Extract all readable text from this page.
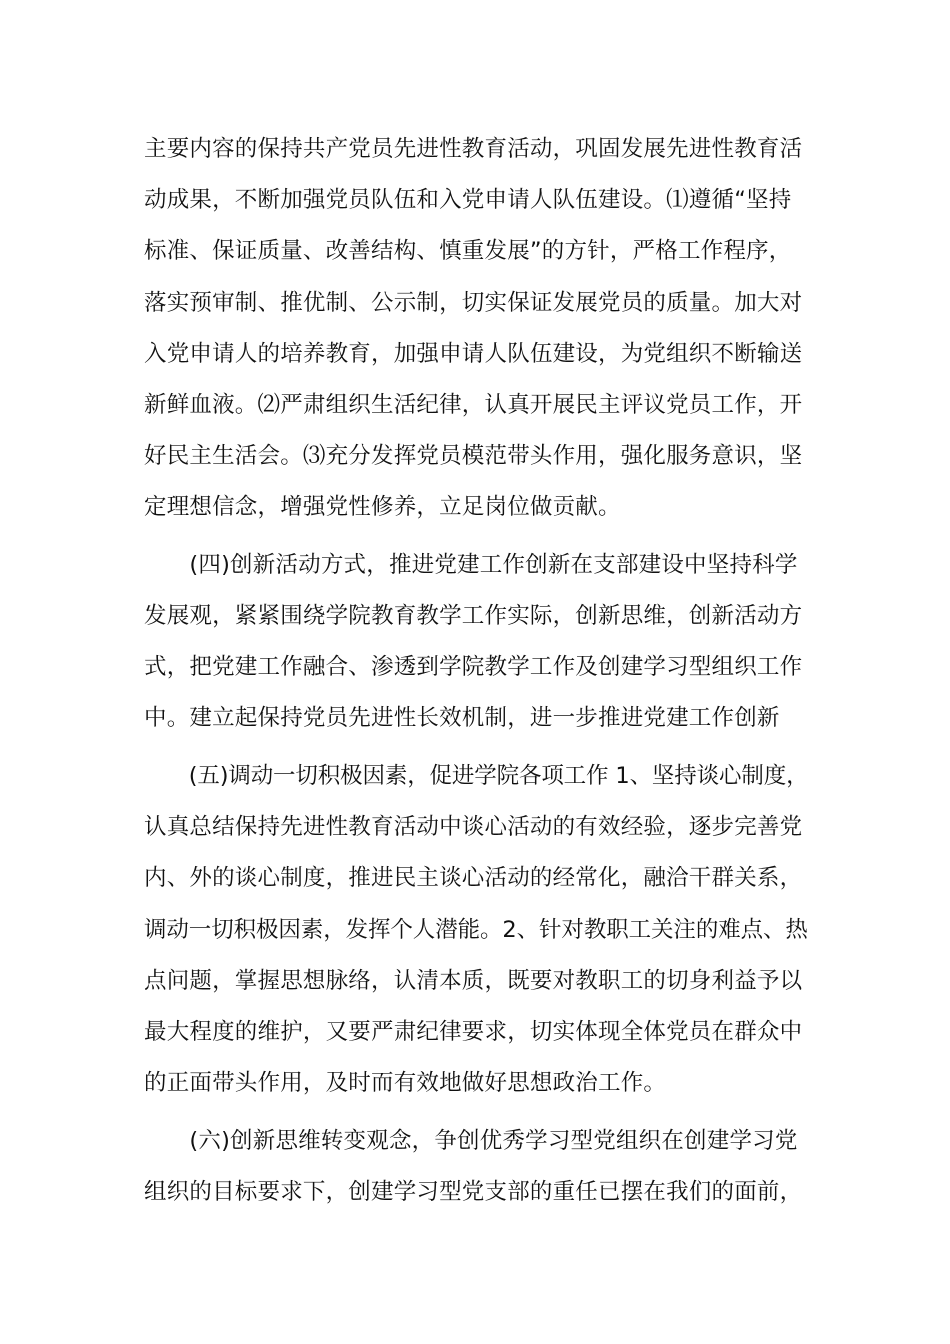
主要内容的保持共产党员先进性教育活动，巩固发展先进性教育活
动成果，不断加强党员队伍和入党申请人队伍建设。⑴遵循“坚持
标准、保证质量、改善结构、慎重发展”的方针，严格工作程序，
落实预审制、推优制、公示制，切实保证发展党员的质量。加大对
入党申请人的培养教育，加强申请人队伍建设，为党组织不断输送
新鲜血液。⑵严肃组织生活纪律，认真开展民主评议党员工作，开
好民主生活会。⑶充分发挥党员模范带头作用，强化服务意识，坚
定理想信念，增强党性修养，立足岗位做贡献。
　　(四)创新活动方式，推进党建工作创新在支部建设中坚持科学
发展观，紧紧围绕学院教育教学工作实际，创新思维，创新活动方
式，把党建工作融合、渗透到学院教学工作及创建学习型组织工作
中。建立起保持党员先进性长效机制，进一步推进党建工作创新
　　(五)调动一切积极因素，促进学院各项工作 1、坚持谈心制度，
认真总结保持先进性教育活动中谈心活动的有效经验，逐步完善党
内、外的谈心制度，推进民主谈心活动的经常化，融洽干群关系，
调动一切积极因素，发挥个人潜能。2、针对教职工关注的难点、热
点问题，掌握思想脉络，认清本质，既要对教职工的切身利益予以
最大程度的维护，又要严肃纪律要求，切实体现全体党员在群众中
的正面带头作用，及时而有效地做好思想政治工作。
　　(六)创新思维转变观念，争创优秀学习型党组织在创建学习党
组织的目标要求下，创建学习型党支部的重任已摆在我们的面前，
